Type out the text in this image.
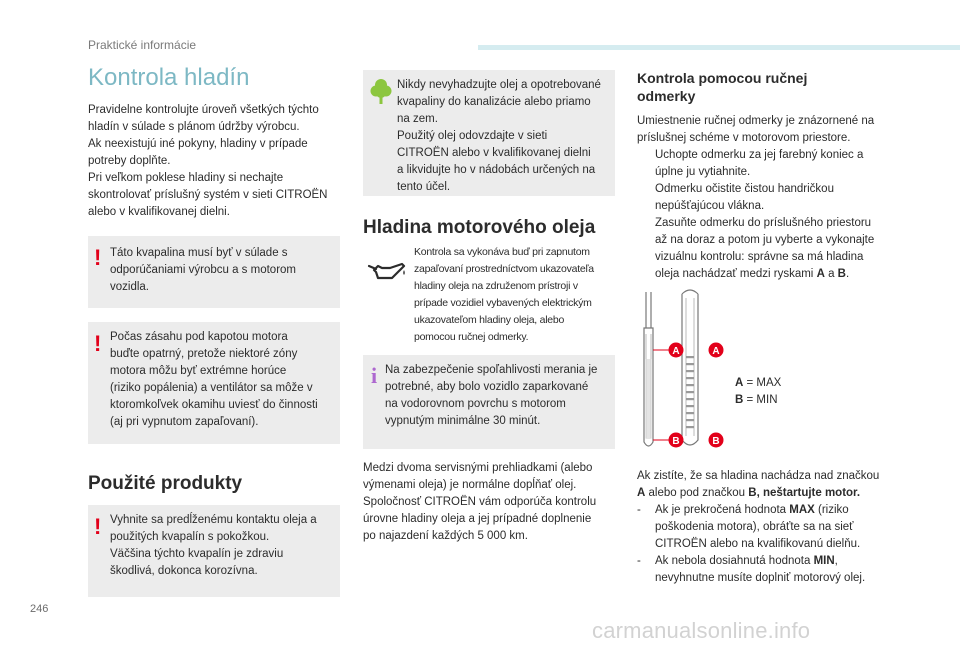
Praktické informácie
Kontrola hladín
Pravidelne kontrolujte úroveň všetkých týchto
hladín v súlade s plánom údržby výrobcu.
Ak neexistujú iné pokyny, hladiny v prípade
potreby doplňte.
Pri veľkom poklese hladiny si nechajte
skontrolovať príslušný systém v sieti CITROËN
alebo v kvalifikovanej dielni.
! Táto kvapalina musí byť v súlade s
odporúčaniami výrobcu a s motorom
vozidla.
! Počas zásahu pod kapotou motora
buďte opatrný, pretože niektoré zóny
motora môžu byť extrémne horúce
(riziko popálenia) a ventilátor sa môže v
ktoromkoľvek okamihu uviesť do činnosti
(aj pri vypnutom zapaľovaní).
Použité produkty
! Vyhnite sa predĺženému kontaktu oleja a
použitých kvapalín s pokožkou.
Väčšina týchto kvapalín je zdraviu
škodlivá, dokonca korozívna.
Nikdy nevyhadzujte olej a opotrebované
kvapaliny do kanalizácie alebo priamo
na zem.
Použitý olej odovzdajte v sieti
CITROËN alebo v kvalifikovanej dielni
a likvidujte ho v nádobách určených na
tento účel.
Hladina motorového oleja
Kontrola sa vykonáva buď pri zapnutom
zapaľovaní prostredníctvom ukazovateľa
hladiny oleja na združenom prístroji v
prípade vozidiel vybavených elektrickým
ukazovateľom hladiny oleja, alebo
pomocou ručnej odmerky.
i Na zabezpečenie spoľahlivosti merania je
potrebné, aby bolo vozidlo zaparkované
na vodorovnom povrchu s motorom
vypnutým minimálne 30 minút.
Medzi dvoma servisnými prehliadkami (alebo
výmenami oleja) je normálne dopĺňať olej.
Spoločnosť CITROËN vám odporúča kontrolu
úrovne hladiny oleja a jej prípadné doplnenie
po najazdení každých 5 000 km.
Kontrola pomocou ručnej
odmerky
Umiestnenie ručnej odmerky je znázornené na
príslušnej schéme v motorovom priestore.
Uchopte odmerku za jej farebný koniec a
úplne ju vytiahnite.
Odmerku očistite čistou handričkou
nepúšťajúcou vlákna.
Zasuňte odmerku do príslušného priestoru
až na doraz a potom ju vyberte a vykonajte
vizuálnu kontrolu: správne sa má hladina
oleja nachádzať medzi ryskami A a B.
A	A
B	B
A = MAX
B = MIN
Ak zistíte, že sa hladina nachádza nad značkou
A alebo pod značkou B, neštartujte motor.
- Ak je prekročená hodnota MAX (riziko
poškodenia motora), obráťte sa na sieť
CITROËN alebo na kvalifikovanú dielňu.
- Ak nebola dosiahnutá hodnota MIN,
nevyhnutne musíte doplniť motorový olej.
246
carmanualsonline.info
